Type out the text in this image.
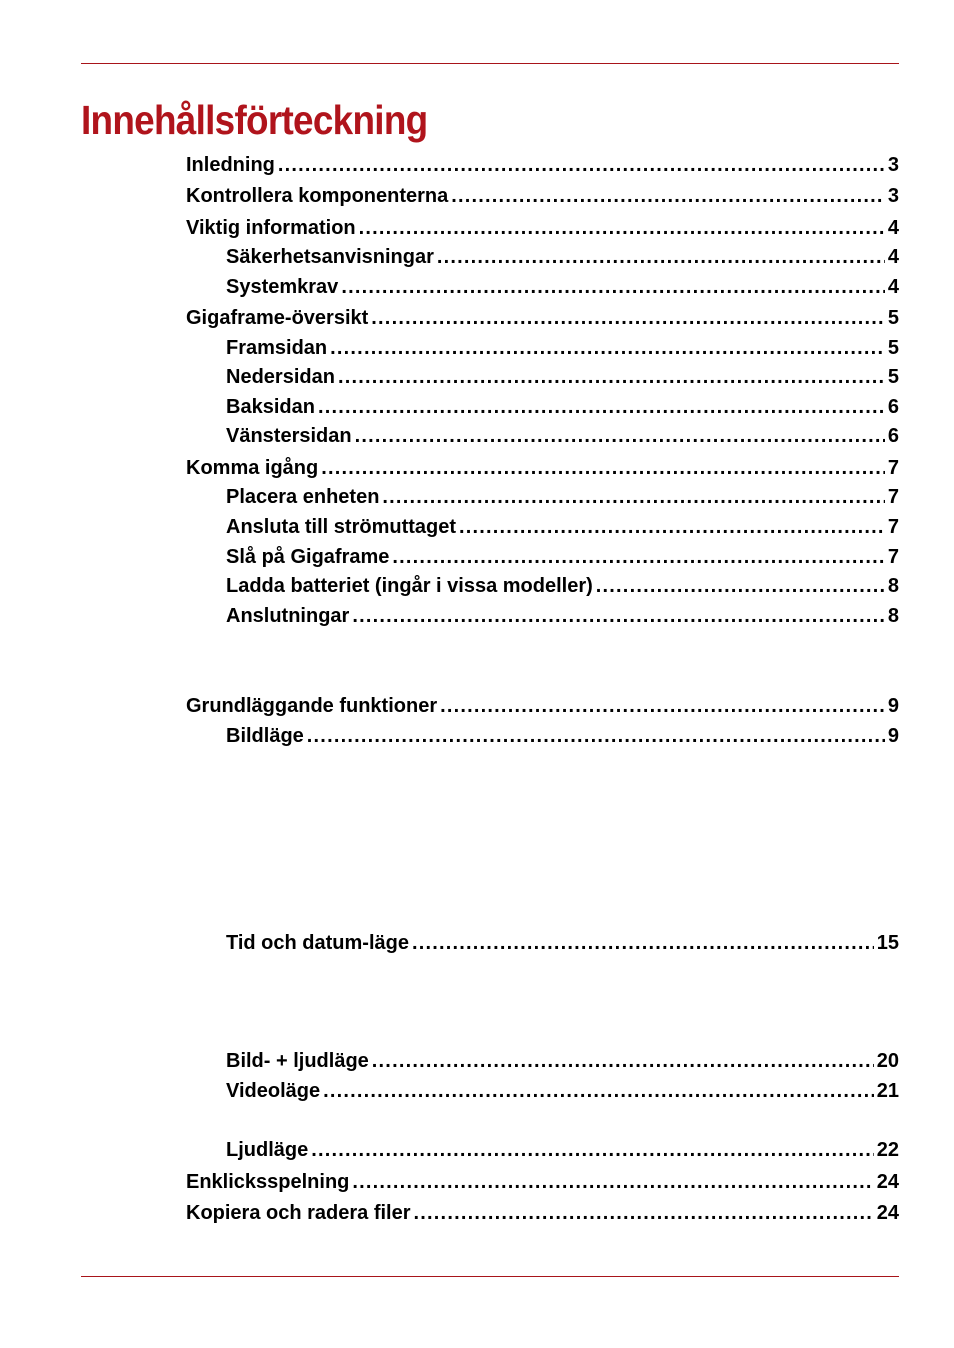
Innehållsförteckning
Inledning .....	3
Kontrollera komponenterna .....	3
Viktig information .....	4
Säkerhetsanvisningar .....	4
Systemkrav .....	4
Gigaframe-översikt .....	5
Framsidan .....	5
Nedersidan .....	5
Baksidan .....	6
Vänstersidan .....	6
Komma igång .....	7
Placera enheten .....	7
Ansluta till strömuttaget .....	7
Slå på Gigaframe .....	7
Ladda batteriet (ingår i vissa modeller) .....	8
Anslutningar .....	8
Grundläggande funktioner .....	9
Bildläge .....	9
Tid och datum-läge .....	15
Bild- + ljudläge .....	20
Videoläge .....	21
Ljudläge .....	22
Enklicksspelning .....	24
Kopiera och radera filer .....	24
